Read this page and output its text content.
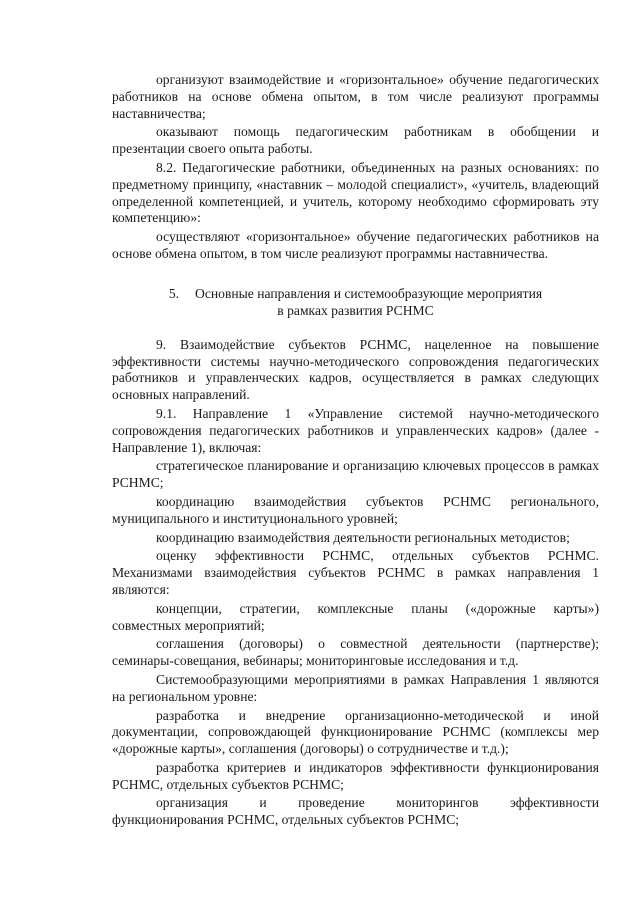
организуют взаимодействие и «горизонтальное» обучение педагогических работников на основе обмена опытом, в том числе реализуют программы наставничества;

оказывают помощь педагогическим работникам в обобщении и презентации своего опыта работы.

8.2. Педагогические работники, объединенных на разных основаниях: по предметному принципу, «наставник – молодой специалист», «учитель, владеющий определенной компетенцией, и учитель, которому необходимо сформировать эту компетенцию»:

осуществляют «горизонтальное» обучение педагогических работников на основе обмена опытом, в том числе реализуют программы наставничества.

5. Основные направления и системообразующие мероприятия
в рамках развития РСНМС

9. Взаимодействие субъектов РСНМС, нацеленное на повышение эффективности системы научно-методического сопровождения педагогических работников и управленческих кадров, осуществляется в рамках следующих основных направлений.

9.1. Направление 1 «Управление системой научно-методического сопровождения педагогических работников и управленческих кадров» (далее - Направление 1), включая:

стратегическое планирование и организацию ключевых процессов в рамках РСНМС;

координацию взаимодействия субъектов РСНМС регионального, муниципального и институционального уровней;

координацию взаимодействия деятельности региональных методистов;

оценку эффективности РСНМС, отдельных субъектов РСНМС. Механизмами взаимодействия субъектов РСНМС в рамках направления 1 являются:

концепции, стратегии, комплексные планы («дорожные карты») совместных мероприятий;

соглашения (договоры) о совместной деятельности (партнерстве); семинары-совещания, вебинары; мониторинговые исследования и т.д.

Системообразующими мероприятиями в рамках Направления 1 являются на региональном уровне:

разработка и внедрение организационно-методической и иной документации, сопровождающей функционирование РСНМС (комплексы мер «дорожные карты», соглашения (договоры) о сотрудничестве и т.д.);

разработка критериев и индикаторов эффективности функционирования РСНМС, отдельных субъектов РСНМС;

организация и проведение мониторингов эффективности функционирования РСНМС, отдельных субъектов РСНМС;
